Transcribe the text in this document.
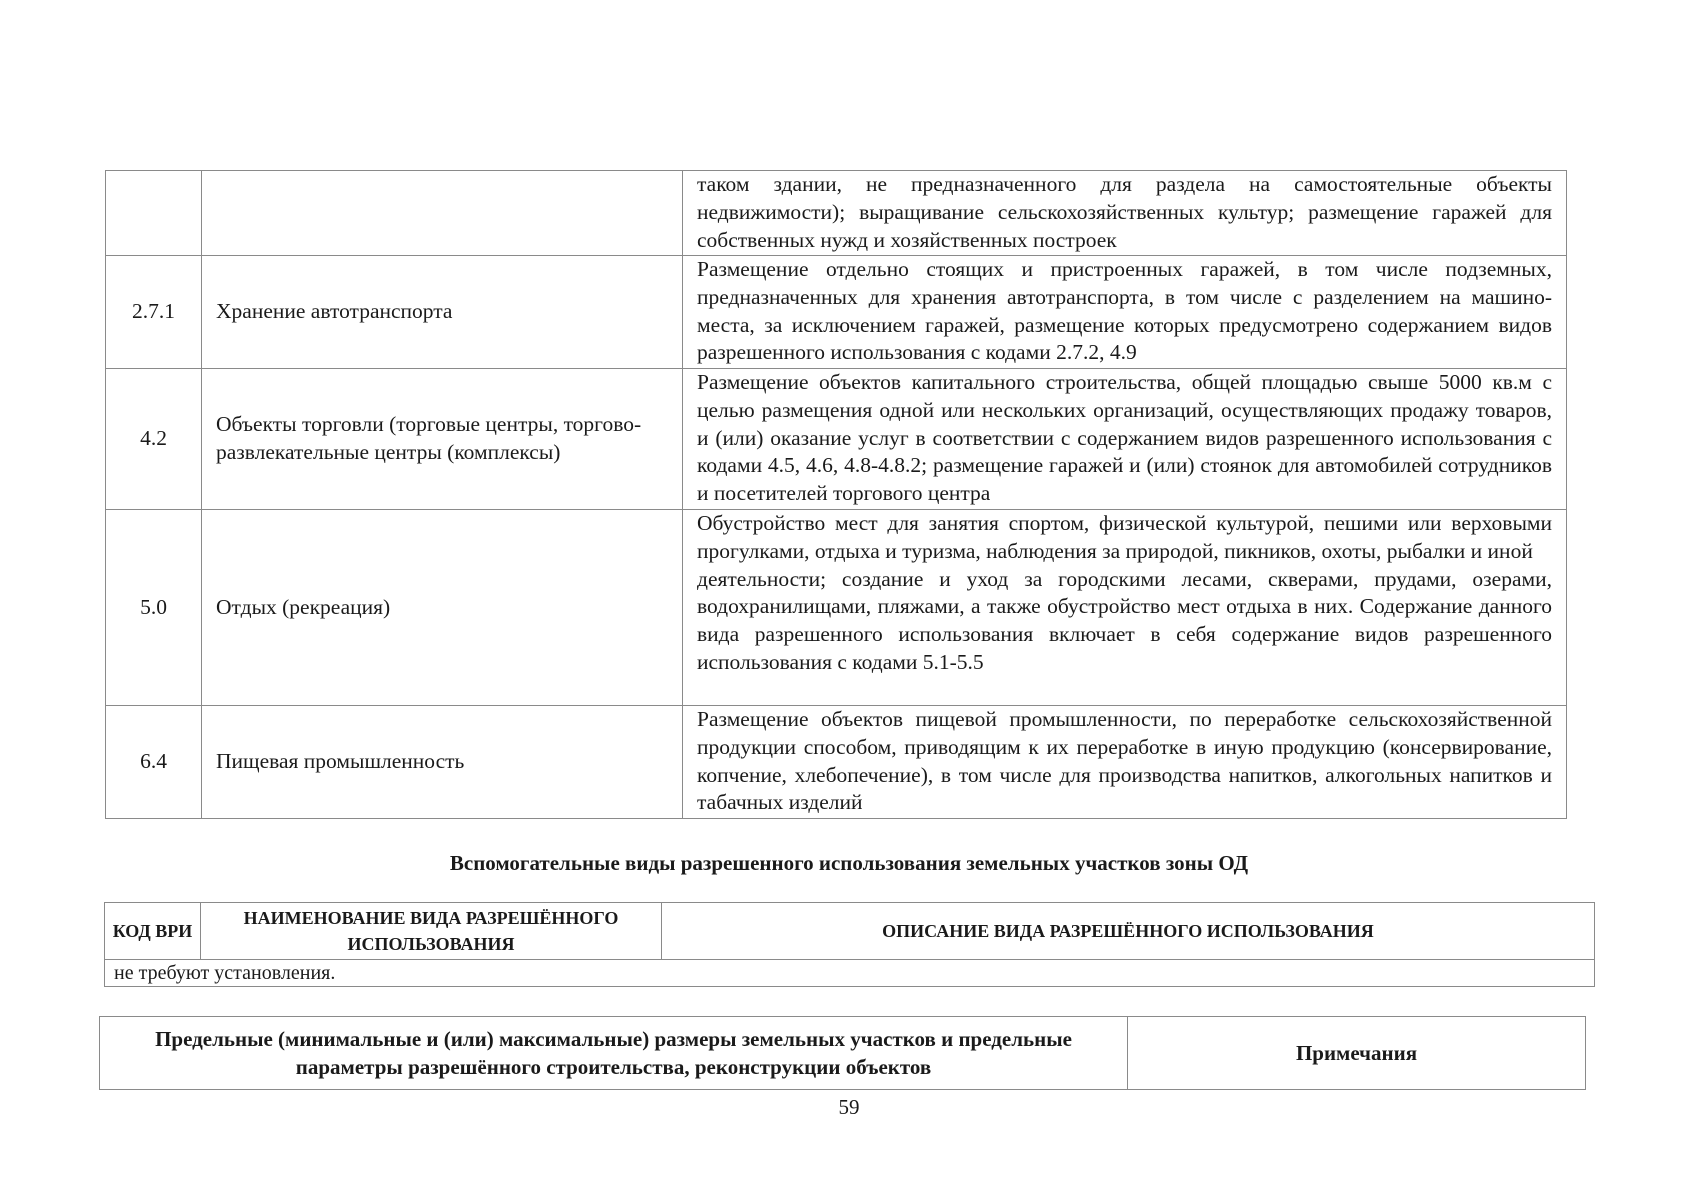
		таком здании, не предназначенного для раздела на самостоятельные объекты недвижимости); выращивание сельскохозяйственных культур; размещение гаражей для собственных нужд и хозяйственных построек

2.7.1	Хранение автотранспорта	Размещение отдельно стоящих и пристроенных гаражей, в том числе подземных, предназначенных для хранения автотранспорта, в том числе с разделением на машино-места, за исключением гаражей, размещение которых предусмотрено содержанием видов разрешенного использования с кодами 2.7.2, 4.9

4.2	Объекты торговли (торговые центры, торгово-развлекательные центры (комплексы)	Размещение объектов капитального строительства, общей площадью свыше 5000 кв.м с целью размещения одной или нескольких организаций, осуществляющих продажу товаров, и (или) оказание услуг в соответствии с содержанием видов разрешенного использования с кодами 4.5, 4.6, 4.8-4.8.2; размещение гаражей и (или) стоянок для автомобилей сотрудников и посетителей торгового центра

5.0	Отдых (рекреация)	Обустройство мест для занятия спортом, физической культурой, пешими или верховыми прогулками, отдыха и туризма, наблюдения за природой, пикников, охоты, рыбалки и иной

деятельности; создание и уход за городскими лесами, скверами, прудами, озерами, водохранилищами, пляжами, а также обустройство мест отдыха в них. Содержание данного вида разрешенного использования включает в себя содержание видов разрешенного использования с кодами 5.1-5.5

6.4	Пищевая промышленность	Размещение объектов пищевой промышленности, по переработке сельскохозяйственной продукции способом, приводящим к их переработке в иную продукцию (консервирование, копчение, хлебопечение), в том числе для производства напитков, алкогольных напитков и табачных изделий

Вспомогательные виды разрешенного использования земельных участков зоны ОД
КОД ВРИ	НАИМЕНОВАНИЕ ВИДА РАЗРЕШЁННОГО ИСПОЛЬЗОВАНИЯ	ОПИСАНИЕ ВИДА РАЗРЕШЁННОГО ИСПОЛЬЗОВАНИЯ
не требуют установления.
Предельные (минимальные и (или) максимальные) размеры земельных участков и предельные параметры разрешённого строительства, реконструкции объектов	Примечания
59
